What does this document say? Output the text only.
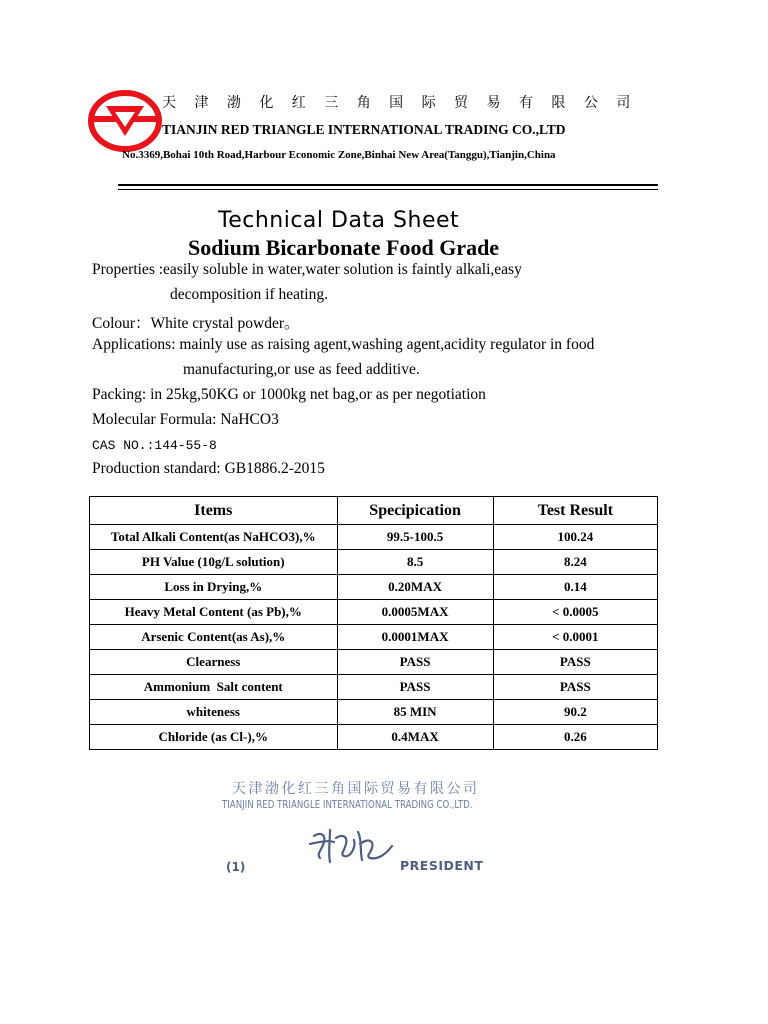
天 津 渤 化 红 三 角 国 际 贸 易 有 限 公 司
TIANJIN RED TRIANGLE INTERNATIONAL TRADING CO.,LTD
No.3369,Bohai 10th Road,Harbour Economic Zone,Binhai New Area(Tanggu),Tianjin,China
Technical Data Sheet
Sodium Bicarbonate Food Grade
Properties :easily soluble in water,water solution is faintly alkali,easy
decomposition if heating.
Colour：White crystal powder。
Applications: mainly use as raising agent,washing agent,acidity regulator in food
manufacturing,or use as feed additive.
Packing: in 25kg,50KG or 1000kg net bag,or as per negotiation
Molecular Formula: NaHCO3
CAS NO.:144-55-8
Production standard: GB1886.2-2015
Items	Specipication	Test Result
Total Alkali Content(as NaHCO3),%	99.5-100.5	100.24
PH Value (10g/L solution)	8.5	8.24
Loss in Drying,%	0.20MAX	0.14
Heavy Metal Content (as Pb),%	0.0005MAX	< 0.0005
Arsenic Content(as As),%	0.0001MAX	< 0.0001
Clearness	PASS	PASS
Ammonium  Salt content	PASS	PASS
whiteness	85 MIN	90.2
Chloride (as Cl-),%	0.4MAX	0.26
天津渤化红三角国际贸易有限公司
TIANJIN RED TRIANGLE INTERNATIONAL TRADING CO.,LTD.
(1)	PRESIDENT
